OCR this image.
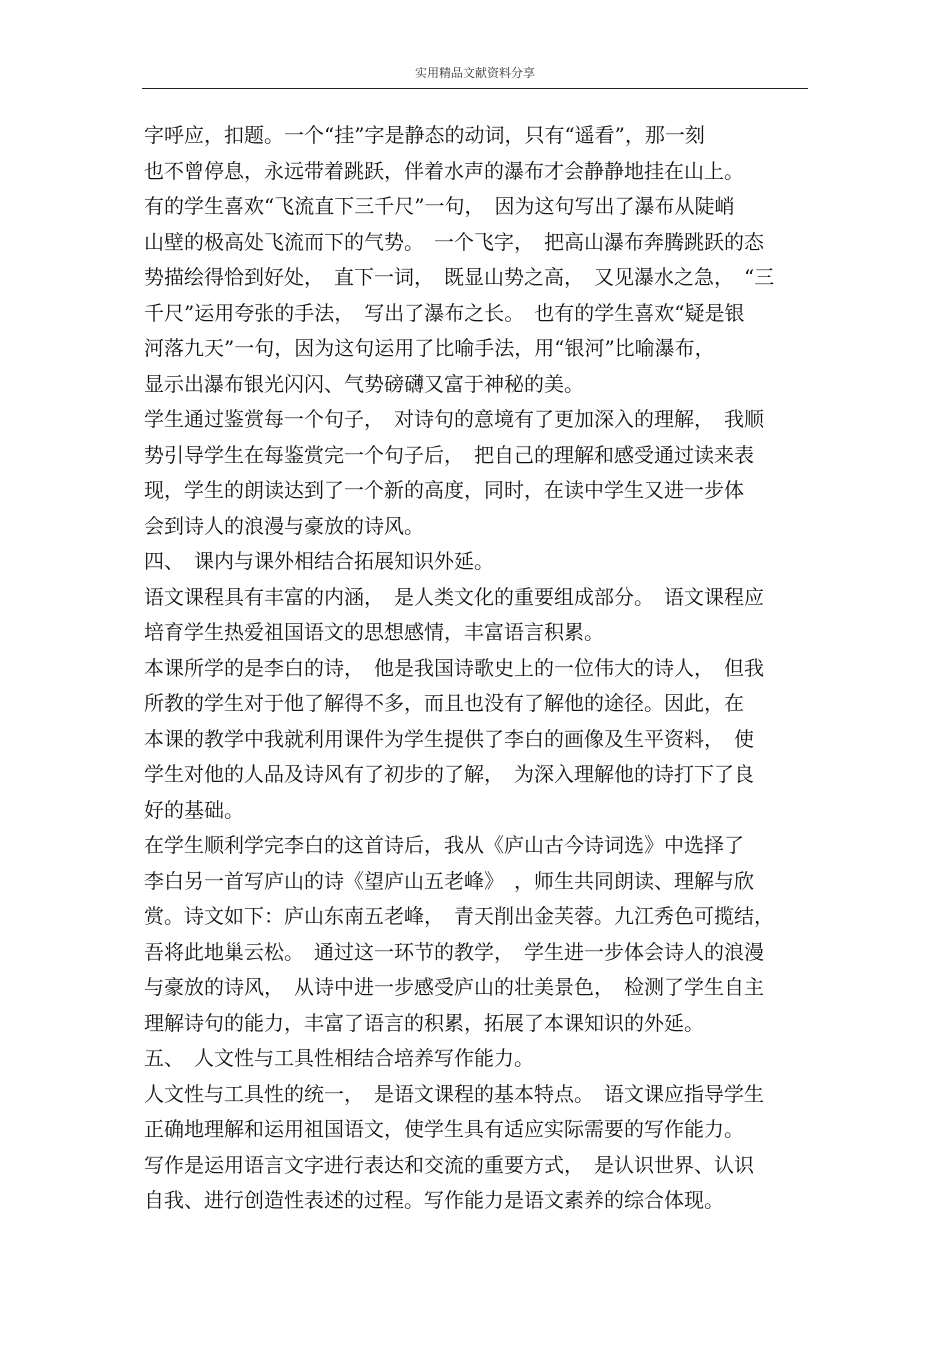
实用精品文献资料分享
字呼应，扣题。一个“挂”字是静态的动词，只有“遥看”，那一刻
也不曾停息，永远带着跳跃，伴着水声的瀑布才会静静地挂在山上。
有的学生喜欢“飞流直下三千尺”一句，　因为这句写出了瀑布从陡峭
山壁的极高处飞流而下的气势。　一个飞字，　把高山瀑布奔腾跳跃的态
势描绘得恰到好处，　直下一词，　既显山势之高，　又见瀑水之急，　“三
千尺”运用夸张的手法，　写出了瀑布之长。　也有的学生喜欢“疑是银
河落九天”一句，因为这句运用了比喻手法，用“银河”比喻瀑布，
显示出瀑布银光闪闪、气势磅礴又富于神秘的美。
学生通过鉴赏每一个句子，　对诗句的意境有了更加深入的理解，　我顺
势引导学生在每鉴赏完一个句子后，　把自己的理解和感受通过读来表
现，学生的朗读达到了一个新的高度，同时，在读中学生又进一步体
会到诗人的浪漫与豪放的诗风。
四、　课内与课外相结合拓展知识外延。
语文课程具有丰富的内涵，　是人类文化的重要组成部分。　语文课程应
培育学生热爱祖国语文的思想感情，丰富语言积累。
本课所学的是李白的诗，　他是我国诗歌史上的一位伟大的诗人，　但我
所教的学生对于他了解得不多，而且也没有了解他的途径。因此，在
本课的教学中我就利用课件为学生提供了李白的画像及生平资料，　使
学生对他的人品及诗风有了初步的了解，　为深入理解他的诗打下了良
好的基础。
在学生顺利学完李白的这首诗后，我从《庐山古今诗词选》中选择了
李白另一首写庐山的诗《望庐山五老峰》　，师生共同朗读、理解与欣
赏。诗文如下：庐山东南五老峰，　青天削出金芙蓉。九江秀色可揽结，
吾将此地巢云松。　通过这一环节的教学，　学生进一步体会诗人的浪漫
与豪放的诗风，　从诗中进一步感受庐山的壮美景色，　检测了学生自主
理解诗句的能力，丰富了语言的积累，拓展了本课知识的外延。
五、　人文性与工具性相结合培养写作能力。
人文性与工具性的统一，　是语文课程的基本特点。　语文课应指导学生
正确地理解和运用祖国语文，使学生具有适应实际需要的写作能力。
写作是运用语言文字进行表达和交流的重要方式，　是认识世界、认识
自我、进行创造性表述的过程。写作能力是语文素养的综合体现。
